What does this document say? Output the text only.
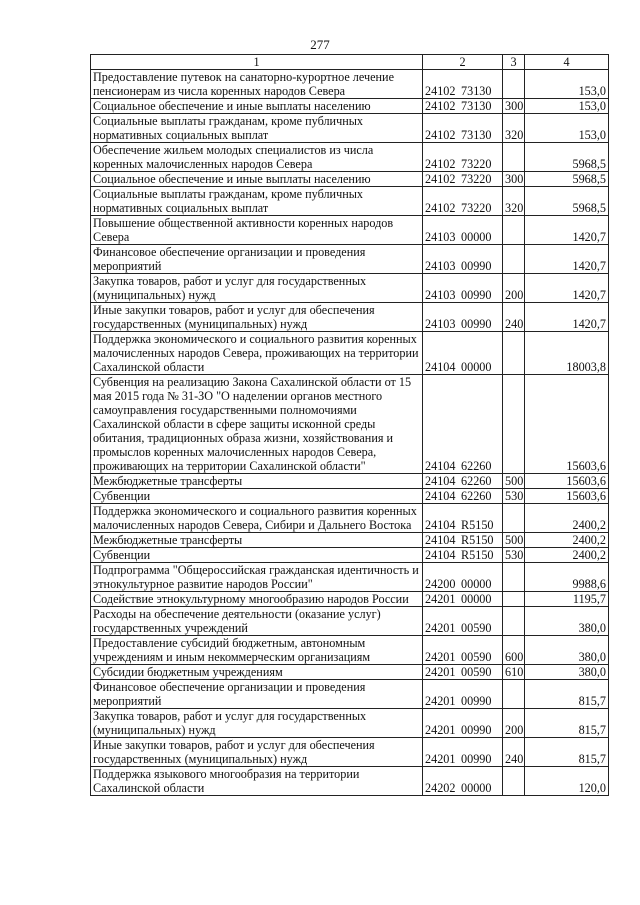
277
1	2	3	4
Предоставление путевок на санаторно-курортное лечение пенсионерам из числа коренных народов Севера	24102 73130		153,0
Социальное обеспечение и иные выплаты населению	24102 73130	300	153,0
Социальные выплаты гражданам, кроме публичных нормативных социальных выплат	24102 73130	320	153,0
Обеспечение жильем молодых специалистов из числа коренных малочисленных народов Севера	24102 73220		5968,5
Социальное обеспечение и иные выплаты населению	24102 73220	300	5968,5
Социальные выплаты гражданам, кроме публичных нормативных социальных выплат	24102 73220	320	5968,5
Повышение общественной активности коренных народов Севера	24103 00000		1420,7
Финансовое обеспечение организации и проведения мероприятий	24103 00990		1420,7
Закупка товаров, работ и услуг для государственных (муниципальных) нужд	24103 00990	200	1420,7
Иные закупки товаров, работ и услуг для обеспечения государственных (муниципальных) нужд	24103 00990	240	1420,7
Поддержка экономического и социального развития коренных малочисленных народов Севера, проживающих на территории Сахалинской области	24104 00000		18003,8
Субвенция на реализацию Закона Сахалинской области от 15 мая 2015 года № 31-ЗО "О наделении органов местного самоуправления государственными полномочиями Сахалинской области в сфере защиты исконной среды обитания, традиционных образа жизни, хозяйствования и промыслов коренных малочисленных народов Севера, проживающих на территории Сахалинской области"	24104 62260		15603,6
Межбюджетные трансферты	24104 62260	500	15603,6
Субвенции	24104 62260	530	15603,6
Поддержка экономического и социального развития коренных малочисленных народов Севера, Сибири и Дальнего Востока	24104 R5150		2400,2
Межбюджетные трансферты	24104 R5150	500	2400,2
Субвенции	24104 R5150	530	2400,2
Подпрограмма "Общероссийская гражданская идентичность и этнокультурное развитие народов России"	24200 00000		9988,6
Содействие этнокультурному многообразию народов России	24201 00000		1195,7
Расходы на обеспечение деятельности (оказание услуг) государственных учреждений	24201 00590		380,0
Предоставление субсидий бюджетным, автономным учреждениям и иным некоммерческим организациям	24201 00590	600	380,0
Субсидии бюджетным учреждениям	24201 00590	610	380,0
Финансовое обеспечение организации и проведения мероприятий	24201 00990		815,7
Закупка товаров, работ и услуг для государственных (муниципальных) нужд	24201 00990	200	815,7
Иные закупки товаров, работ и услуг для обеспечения государственных (муниципальных) нужд	24201 00990	240	815,7
Поддержка языкового многообразия на территории Сахалинской области	24202 00000		120,0
